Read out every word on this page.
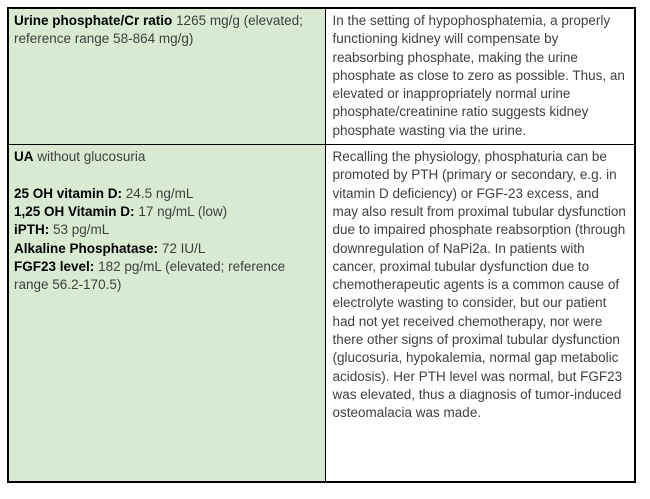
Urine phosphate/Cr ratio 1265 mg/g (elevated; reference range 58-864 mg/g)	In the setting of hypophosphatemia, a properly functioning kidney will compensate by reabsorbing phosphate, making the urine phosphate as close to zero as possible. Thus, an elevated or inappropriately normal urine phosphate/creatinine ratio suggests kidney phosphate wasting via the urine.

UA without glucosuria
25 OH vitamin D: 24.5 ng/mL
1,25 OH Vitamin D: 17 ng/mL (low)
iPTH: 53 pg/mL
Alkaline Phosphatase: 72 IU/L
FGF23 level: 182 pg/mL (elevated; reference range 56.2-170.5)
	Recalling the physiology, phosphaturia can be promoted by PTH (primary or secondary, e.g. in vitamin D deficiency) or FGF-23 excess, and may also result from proximal tubular dysfunction due to impaired phosphate reabsorption (through downregulation of NaPi2a. In patients with cancer, proximal tubular dysfunction due to chemotherapeutic agents is a common cause of electrolyte wasting to consider, but our patient had not yet received chemotherapy, nor were there other signs of proximal tubular dysfunction (glucosuria, hypokalemia, normal gap metabolic acidosis). Her PTH level was normal, but FGF23 was elevated, thus a diagnosis of tumor-induced osteomalacia was made.
